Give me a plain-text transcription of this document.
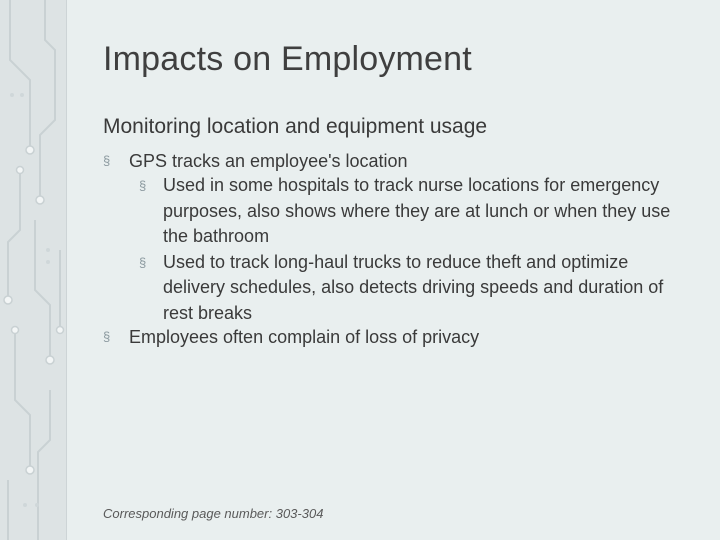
Impacts on Employment
Monitoring location and equipment usage
§ GPS tracks an employee's location
§ Used in some hospitals to track nurse locations for emergency purposes, also shows where they are at lunch or when they use the bathroom
§ Used to track long-haul trucks to reduce theft and optimize delivery schedules, also detects driving speeds and duration of rest breaks
§ Employees often complain of loss of privacy
Corresponding page number: 303-304
